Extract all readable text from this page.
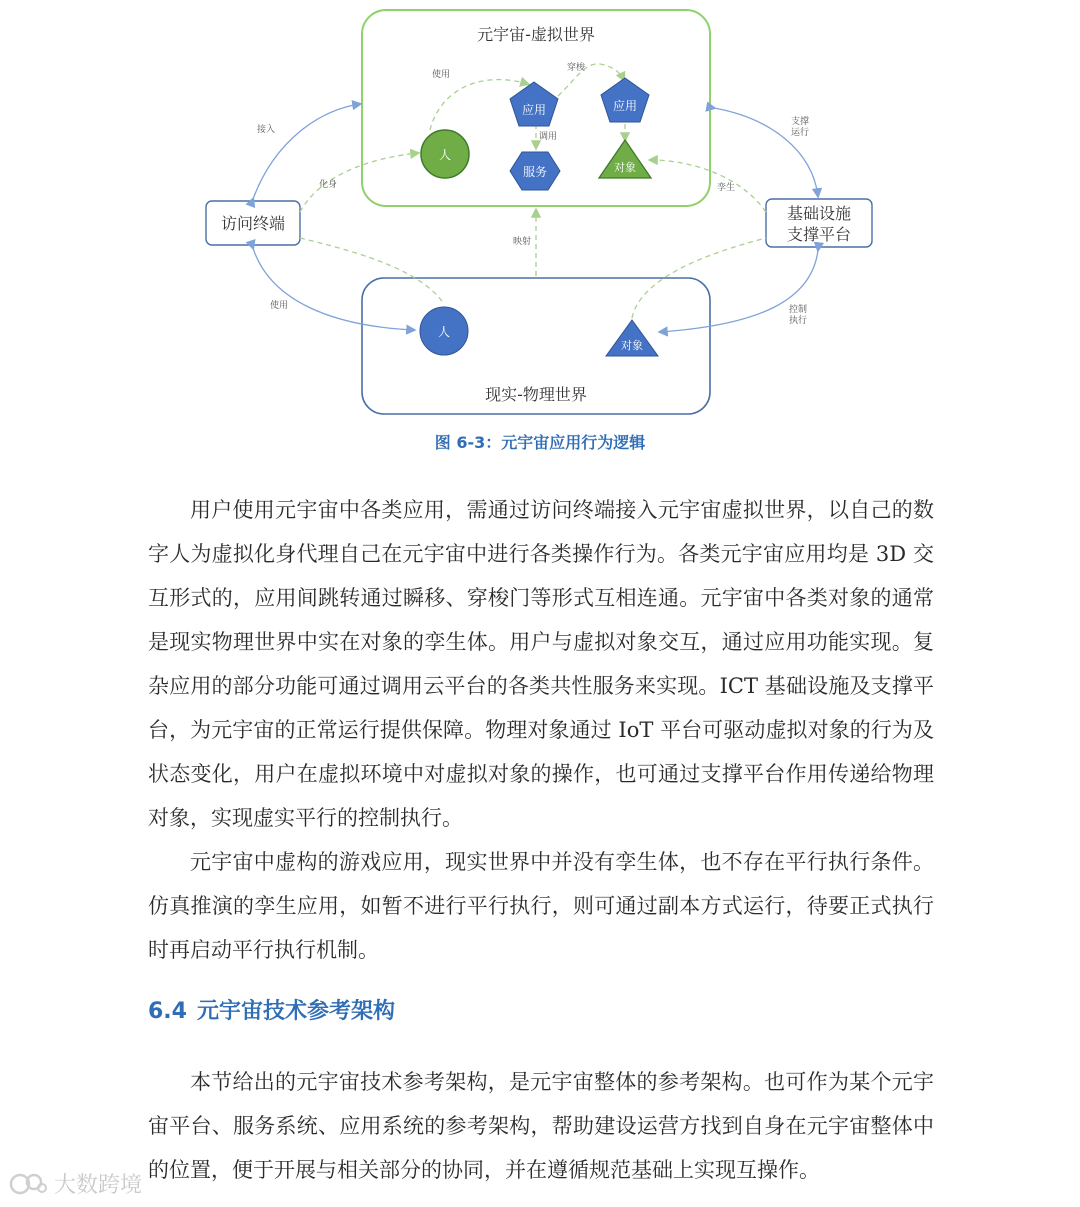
元宇宙-虚拟世界
现实-物理世界
访问终端
基础设施
支撑平台
人
应用	应用
服务	对象
人
对象
使用
穿梭
调用
接入
化身
支撑
运行
孪生
映射
使用	控制
执行
图 6-3：元宇宙应用行为逻辑

用户使用元宇宙中各类应用，需通过访问终端接入元宇宙虚拟世界，以自己的数字人为虚拟化身代理自己在元宇宙中进行各类操作行为。各类元宇宙应用均是 3D 交互形式的，应用间跳转通过瞬移、穿梭门等形式互相连通。元宇宙中各类对象的通常是现实物理世界中实在对象的孪生体。用户与虚拟对象交互，通过应用功能实现。复杂应用的部分功能可通过调用云平台的各类共性服务来实现。ICT 基础设施及支撑平台，为元宇宙的正常运行提供保障。物理对象通过 IoT 平台可驱动虚拟对象的行为及状态变化，用户在虚拟环境中对虚拟对象的操作，也可通过支撑平台作用传递给物理对象，实现虚实平行的控制执行。

元宇宙中虚构的游戏应用，现实世界中并没有孪生体，也不存在平行执行条件。仿真推演的孪生应用，如暂不进行平行执行，则可通过副本方式运行，待要正式执行时再启动平行执行机制。

6.4 元宇宙技术参考架构

本节给出的元宇宙技术参考架构，是元宇宙整体的参考架构。也可作为某个元宇宙平台、服务系统、应用系统的参考架构，帮助建设运营方找到自身在元宇宙整体中的位置，便于开展与相关部分的协同，并在遵循规范基础上实现互操作。

大数跨境
